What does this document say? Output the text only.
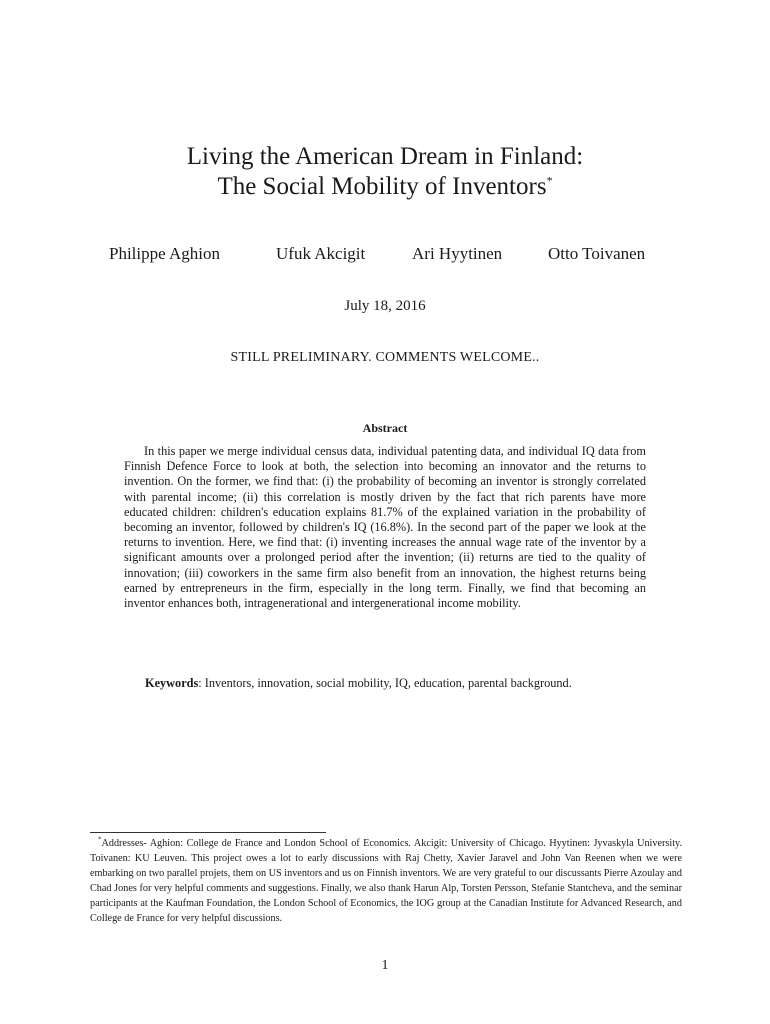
Living the American Dream in Finland:
The Social Mobility of Inventors*
Philippe Aghion	Ufuk Akcigit	Ari Hyytinen	Otto Toivanen
July 18, 2016
STILL PRELIMINARY. COMMENTS WELCOME..
Abstract

In this paper we merge individual census data, individual patenting data, and individual IQ data from Finnish Defence Force to look at both, the selection into becoming an innovator and the returns to invention. On the former, we find that: (i) the probability of becoming an inventor is strongly correlated with parental income; (ii) this correlation is mostly driven by the fact that rich parents have more educated children: children's education explains 81.7% of the explained variation in the probability of becoming an inventor, followed by children's IQ (16.8%). In the second part of the paper we look at the returns to invention. Here, we find that: (i) inventing increases the annual wage rate of the inventor by a significant amounts over a prolonged period after the invention; (ii) returns are tied to the quality of innovation; (iii) coworkers in the same firm also benefit from an innovation, the highest returns being earned by entrepreneurs in the firm, especially in the long term. Finally, we find that becoming an inventor enhances both, intragenerational and intergenerational income mobility.

Keywords: Inventors, innovation, social mobility, IQ, education, parental background.

*Addresses- Aghion: College de France and London School of Economics. Akcigit: University of Chicago. Hyytinen: Jyvaskyla University. Toivanen: KU Leuven. This project owes a lot to early discussions with Raj Chetty, Xavier Jaravel and John Van Reenen when we were embarking on two parallel projets, them on US inventors and us on Finnish inventors. We are very grateful to our discussants Pierre Azoulay and Chad Jones for very helpful comments and suggestions. Finally, we also thank Harun Alp, Torsten Persson, Stefanie Stantcheva, and the seminar participants at the Kaufman Foundation, the London School of Economics, the IOG group at the Canadian Institute for Advanced Research, and College de France for very helpful discussions.

1
